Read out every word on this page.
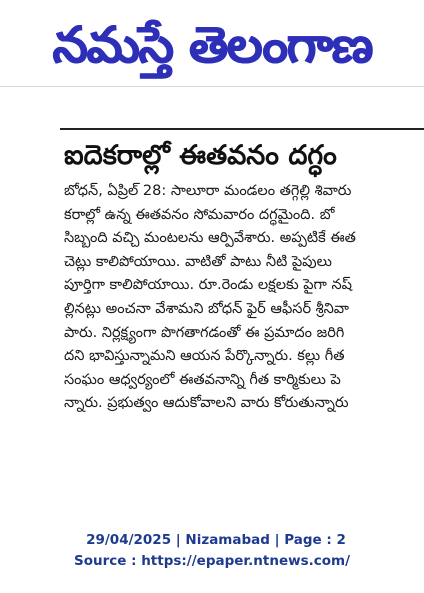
నమస్తే తెలంగాణ
ఐదెకరాల్లో ఈతవనం దగ్ధం
బోధన్, ఏప్రిల్ 28: సాలూరా మండలం తగ్గెల్లి శివారు
కరాల్లో ఉన్న ఈతవనం సోమవారం దగ్ధమైంది. బో
సిబ్బంది వచ్చి మంటలను ఆర్పివేశారు. అప్పటికే ఈత
చెట్లు కాలిపోయాయి. వాటితో పాటు నీటి పైపులు
పూర్తిగా కాలిపోయాయి. రూ.రెండు లక్షలకు పైగా నష్
ల్లినట్లు అంచనా వేశామని బోధన్ ఫైర్ ఆఫీసర్ శ్రీనివా
పారు. నిర్లక్ష్యంగా పొగతాగడంతో ఈ ప్రమాదం జరిగి
దని భావిస్తున్నామని ఆయన పేర్కొన్నారు. కల్లు గీత
సంఘం ఆధ్వర్యంలో ఈతవనాన్ని గీత కార్మికులు పె
న్నారు. ప్రభుత్వం ఆదుకోవాలని వారు కోరుతున్నారు
29/04/2025 | Nizamabad | Page : 2
Source : https://epaper.ntnews.com/
